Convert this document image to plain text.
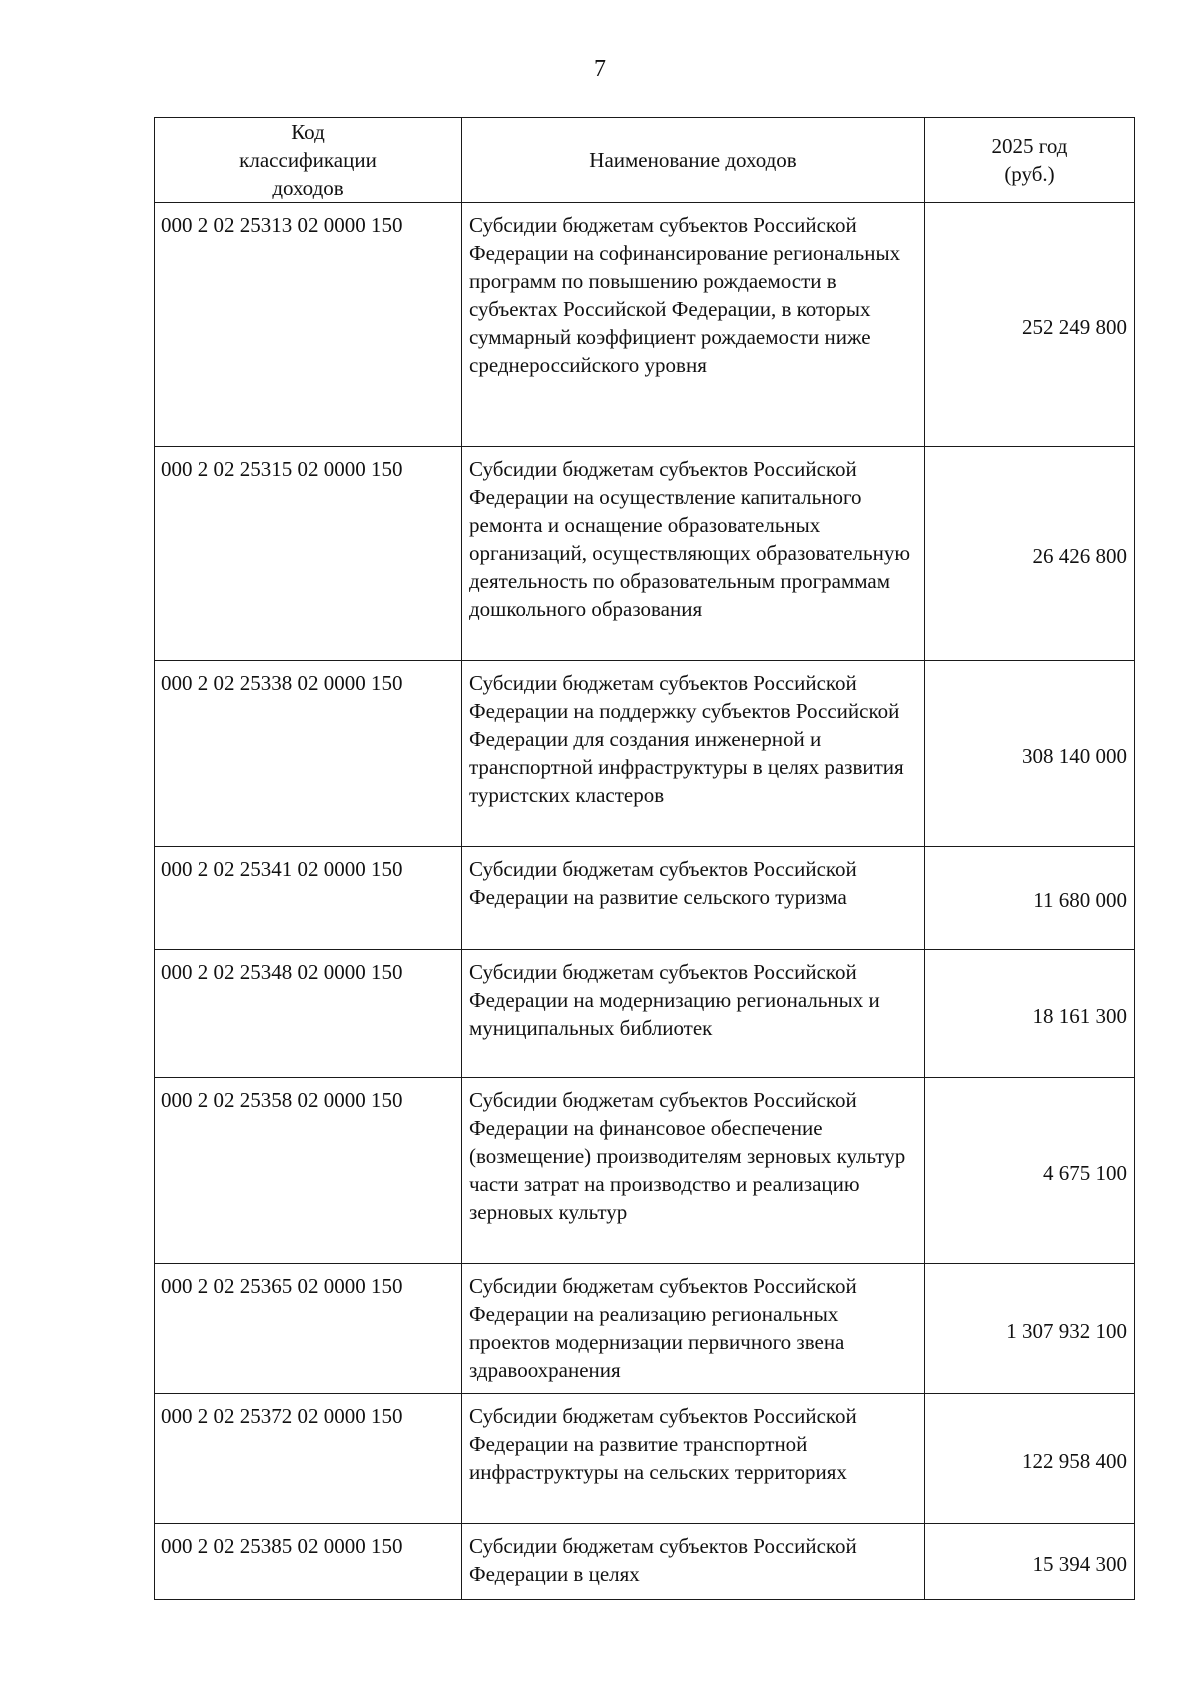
7
Код классификации доходов	Наименование доходов	2025 год (руб.)
000 2 02 25313 02 0000 150	Субсидии бюджетам субъектов Российской Федерации на софинансирование региональных программ по повышению рождаемости в субъектах Российской Федерации, в которых суммарный коэффициент рождаемости ниже среднероссийского уровня	252 249 800
000 2 02 25315 02 0000 150	Субсидии бюджетам субъектов Российской Федерации на осуществление капитального ремонта и оснащение образовательных организаций, осуществляющих образовательную деятельность по образовательным программам дошкольного образования	26 426 800
000 2 02 25338 02 0000 150	Субсидии бюджетам субъектов Российской Федерации на поддержку субъектов Российской Федерации для создания инженерной и транспортной инфраструктуры в целях развития туристских кластеров	308 140 000
000 2 02 25341 02 0000 150	Субсидии бюджетам субъектов Российской Федерации на развитие сельского туризма	11 680 000
000 2 02 25348 02 0000 150	Субсидии бюджетам субъектов Российской Федерации на модернизацию региональных и муниципальных библиотек	18 161 300
000 2 02 25358 02 0000 150	Субсидии бюджетам субъектов Российской Федерации на финансовое обеспечение (возмещение) производителям зерновых культур части затрат на производство и реализацию зерновых культур	4 675 100
000 2 02 25365 02 0000 150	Субсидии бюджетам субъектов Российской Федерации на реализацию региональных проектов модернизации первичного звена здравоохранения	1 307 932 100
000 2 02 25372 02 0000 150	Субсидии бюджетам субъектов Российской Федерации на развитие транспортной инфраструктуры на сельских территориях	122 958 400
000 2 02 25385 02 0000 150	Субсидии бюджетам субъектов Российской Федерации в целях	15 394 300
